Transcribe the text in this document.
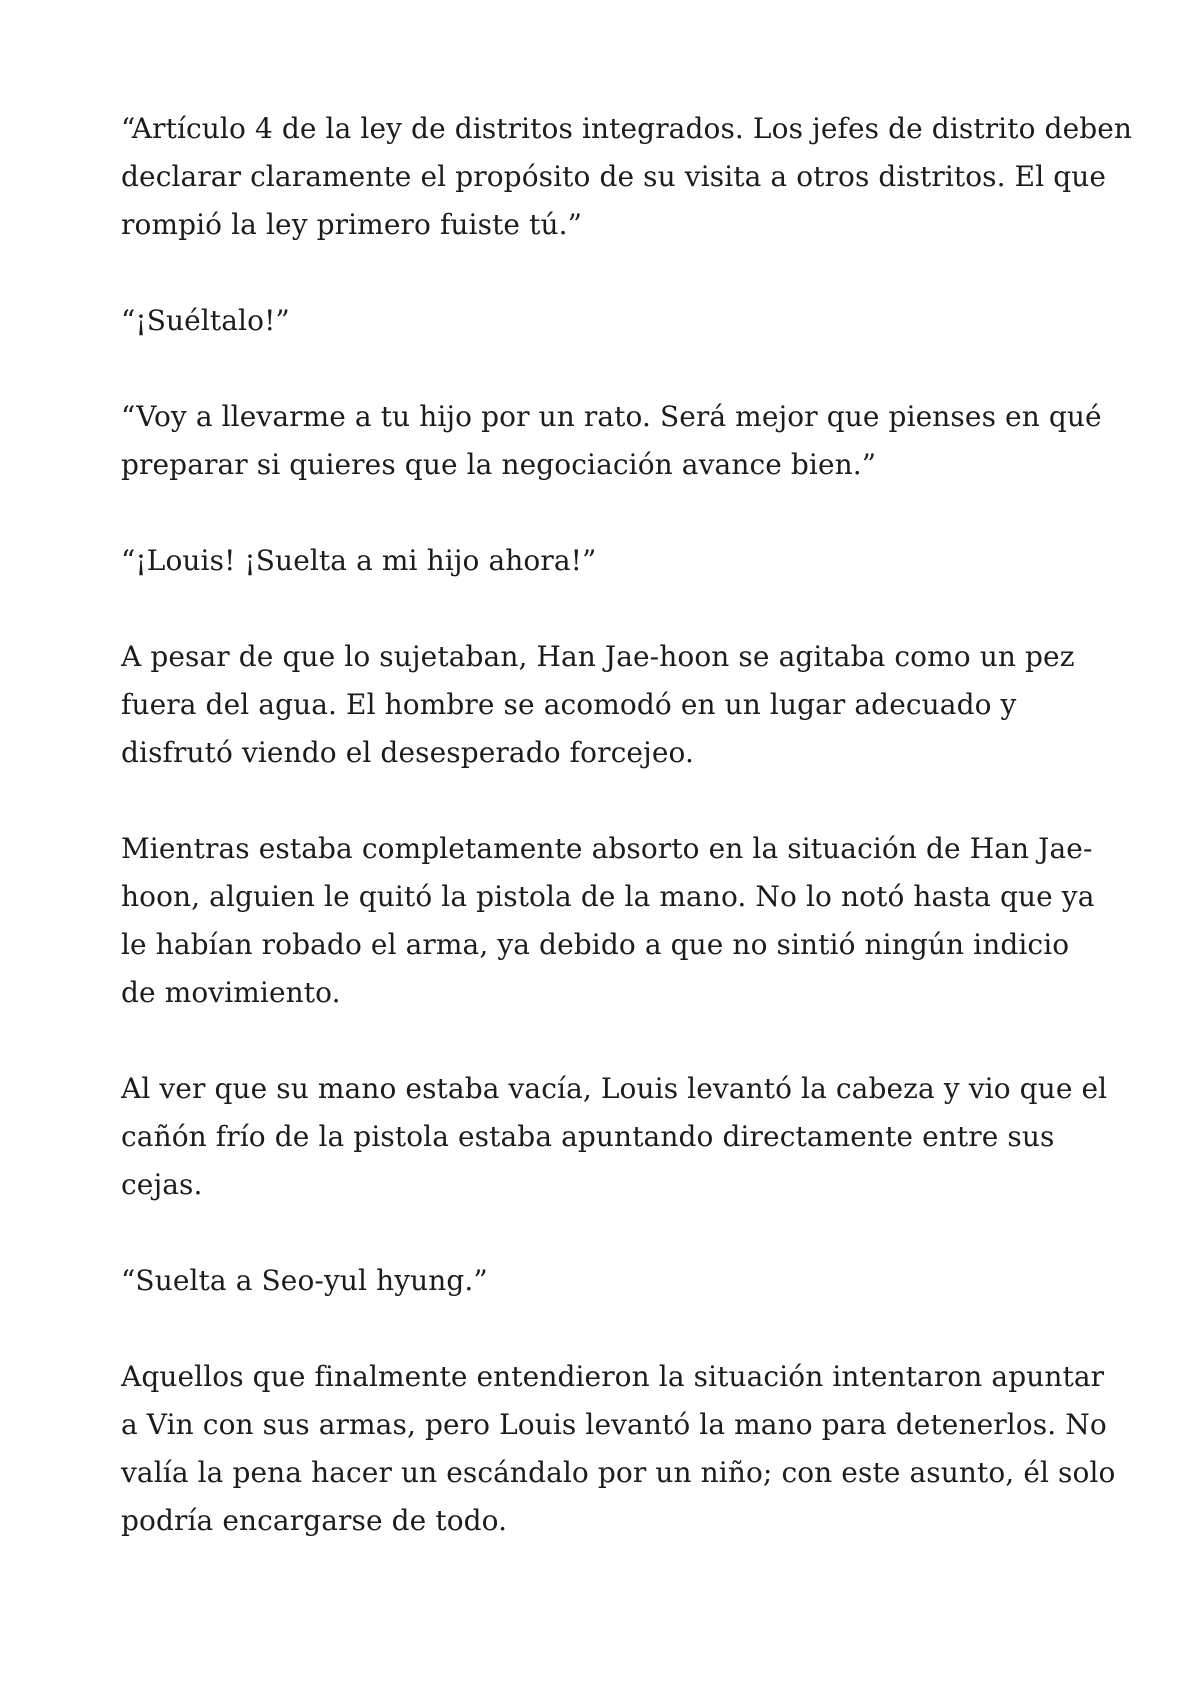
“Artículo 4 de la ley de distritos integrados. Los jefes de distrito deben
declarar claramente el propósito de su visita a otros distritos. El que
rompió la ley primero fuiste tú.”

“¡Suéltalo!”

“Voy a llevarme a tu hijo por un rato. Será mejor que pienses en qué
preparar si quieres que la negociación avance bien.”

“¡Louis! ¡Suelta a mi hijo ahora!”

A pesar de que lo sujetaban, Han Jae-hoon se agitaba como un pez
fuera del agua. El hombre se acomodó en un lugar adecuado y
disfrutó viendo el desesperado forcejeo.

Mientras estaba completamente absorto en la situación de Han Jae-
hoon, alguien le quitó la pistola de la mano. No lo notó hasta que ya
le habían robado el arma, ya debido a que no sintió ningún indicio
de movimiento.

Al ver que su mano estaba vacía, Louis levantó la cabeza y vio que el
cañón frío de la pistola estaba apuntando directamente entre sus
cejas.

“Suelta a Seo-yul hyung.”

Aquellos que finalmente entendieron la situación intentaron apuntar
a Vin con sus armas, pero Louis levantó la mano para detenerlos. No
valía la pena hacer un escándalo por un niño; con este asunto, él solo
podría encargarse de todo.
